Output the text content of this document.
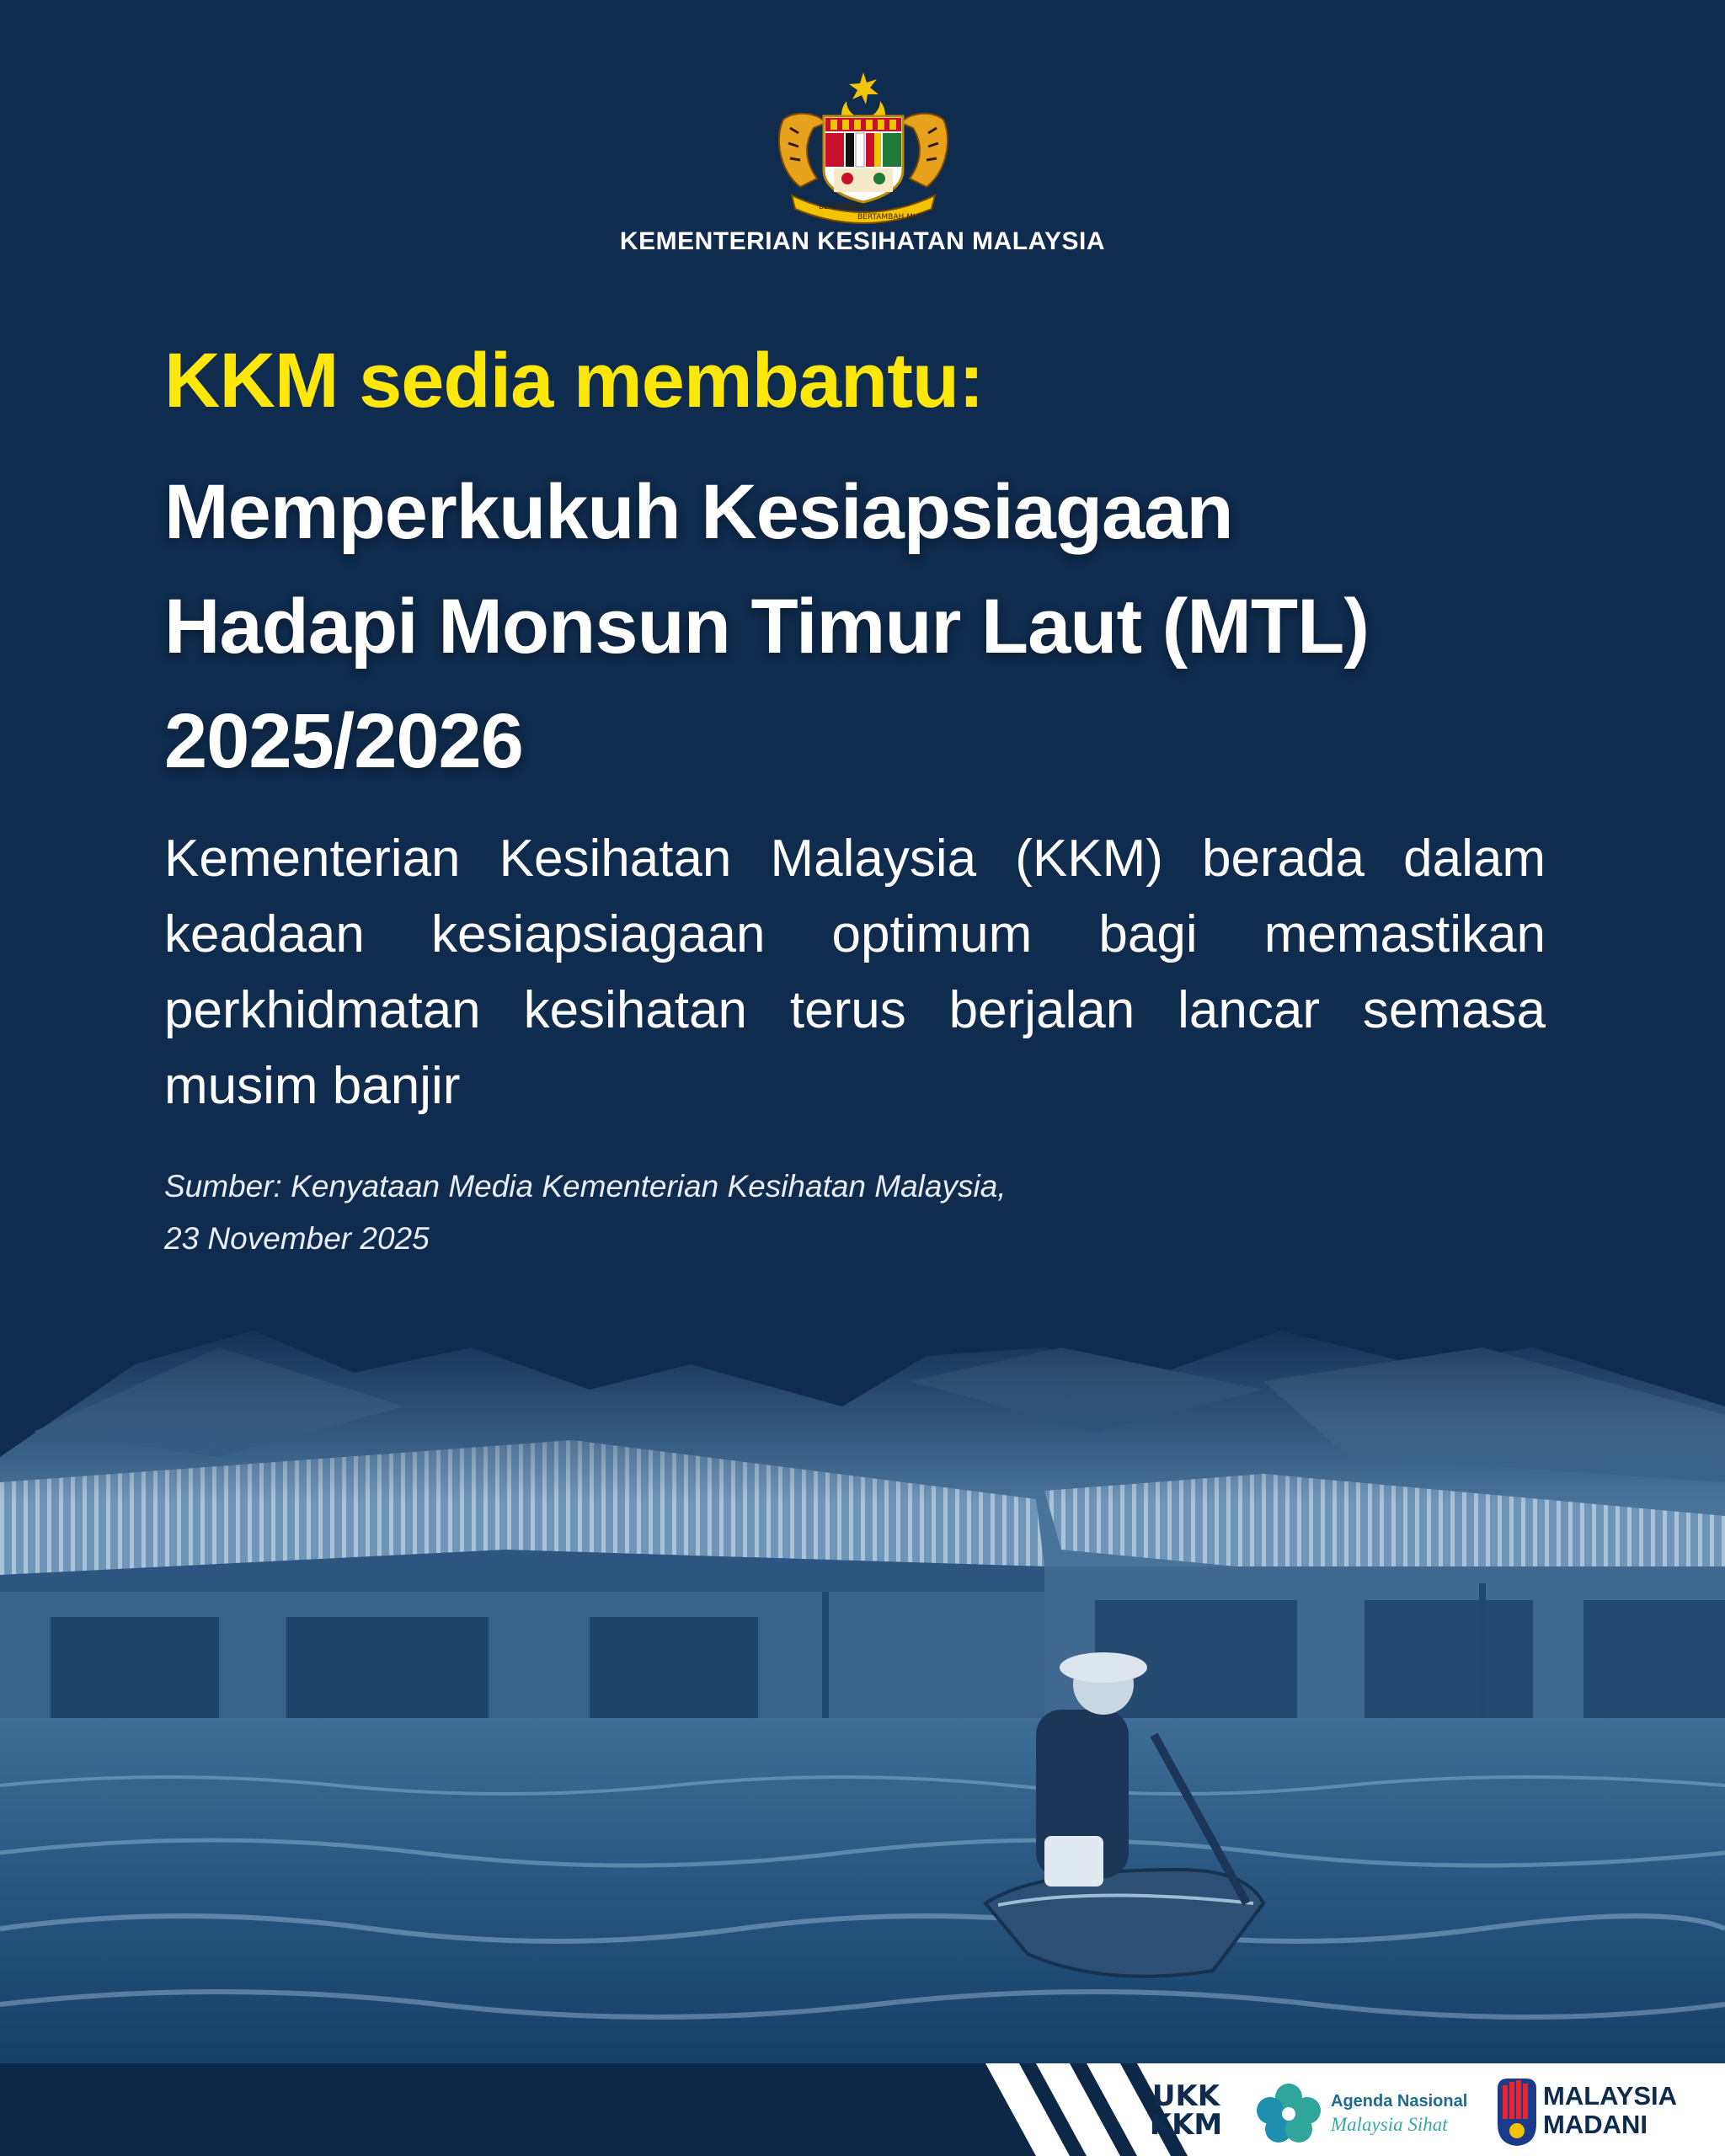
BERSEKUTU
BERTAMBAH MUTU
KEMENTERIAN KESIHATAN MALAYSIA
KKM sedia membantu:
Memperkukuh Kesiapsiagaan
Hadapi Monsun Timur Laut (MTL)
2025/2026
Kementerian Kesihatan Malaysia (KKM) berada dalam keadaan kesiapsiagaan optimum bagi memastikan perkhidmatan kesihatan terus berjalan lancar semasa musim banjir
Sumber: Kenyataan Media Kementerian Kesihatan Malaysia,
23 November 2025
UKK
KKM
Agenda Nasional
Malaysia Sihat
MALAYSIA
MADANI
